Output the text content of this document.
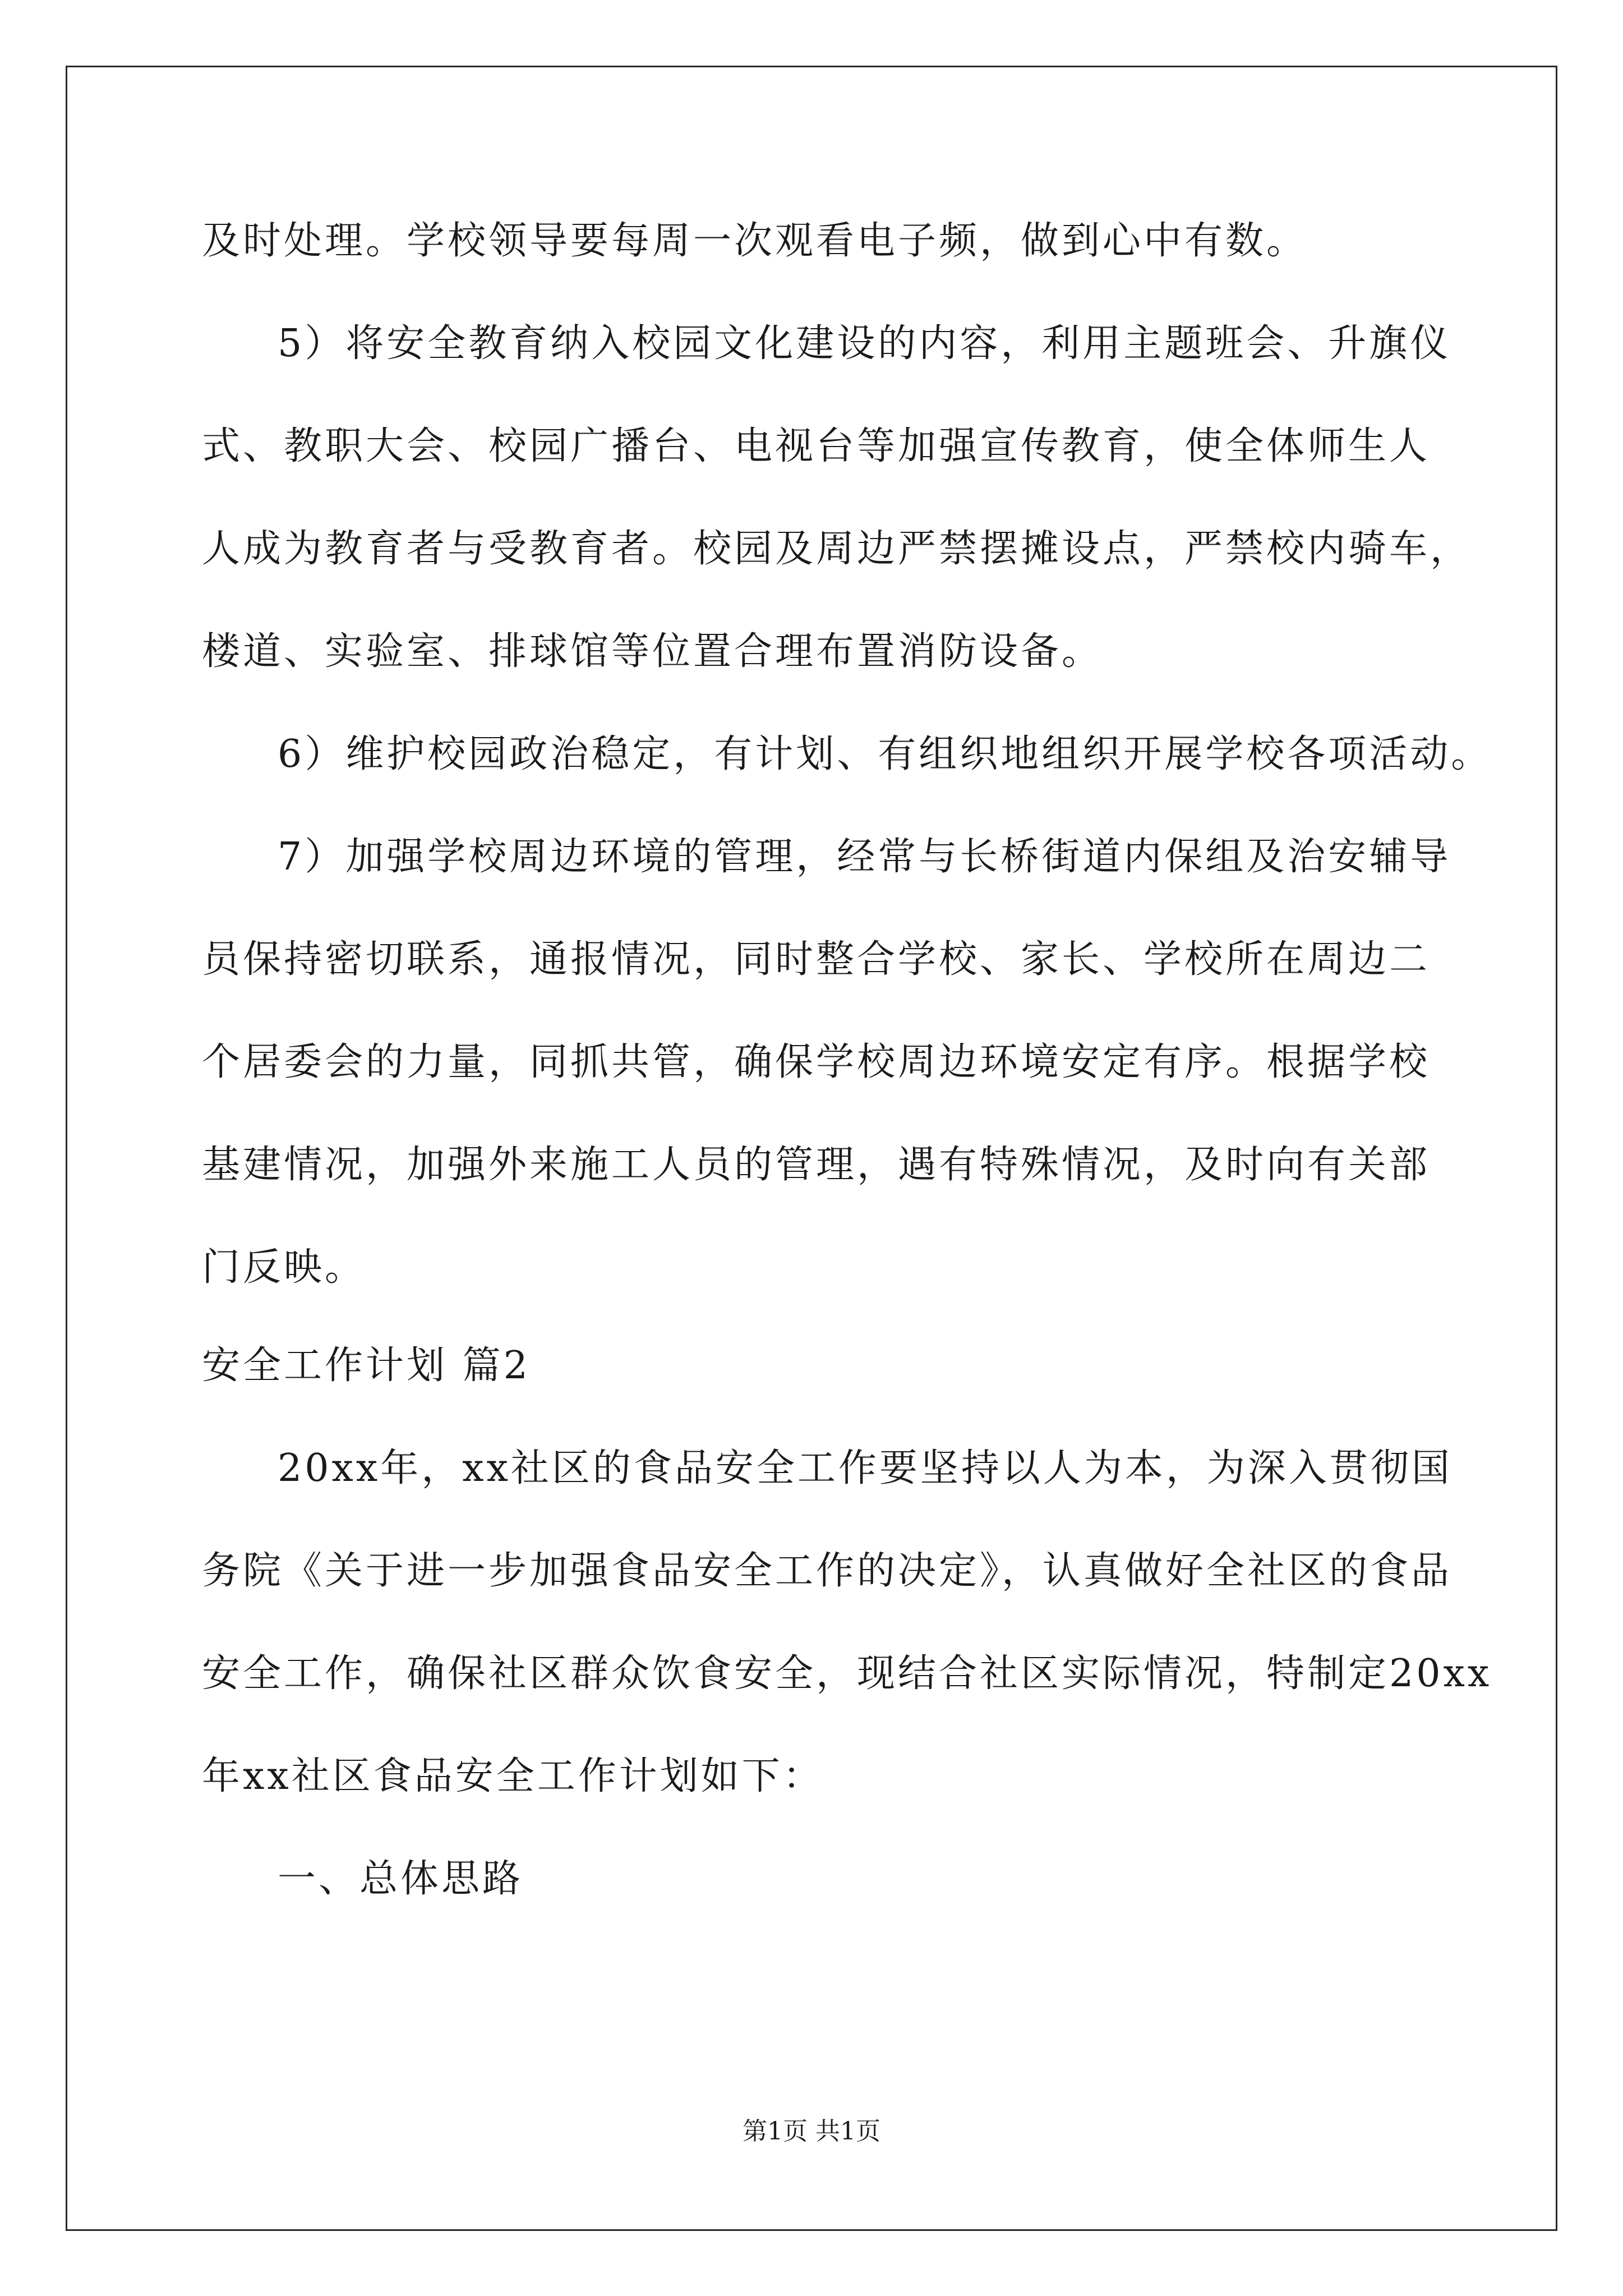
及时处理。学校领导要每周一次观看电子频，做到心中有数。
5）将安全教育纳入校园文化建设的内容，利用主题班会、升旗仪
式、教职大会、校园广播台、电视台等加强宣传教育，使全体师生人
人成为教育者与受教育者。校园及周边严禁摆摊设点，严禁校内骑车，
楼道、实验室、排球馆等位置合理布置消防设备。
6）维护校园政治稳定，有计划、有组织地组织开展学校各项活动。
7）加强学校周边环境的管理，经常与长桥街道内保组及治安辅导
员保持密切联系，通报情况，同时整合学校、家长、学校所在周边二
个居委会的力量，同抓共管，确保学校周边环境安定有序。根据学校
基建情况，加强外来施工人员的管理，遇有特殊情况，及时向有关部
门反映。
安全工作计划 篇2
20xx年，xx社区的食品安全工作要坚持以人为本，为深入贯彻国
务院《关于进一步加强食品安全工作的决定》，认真做好全社区的食品
安全工作，确保社区群众饮食安全，现结合社区实际情况，特制定20xx
年xx社区食品安全工作计划如下：
一、总体思路
第1页 共1页
